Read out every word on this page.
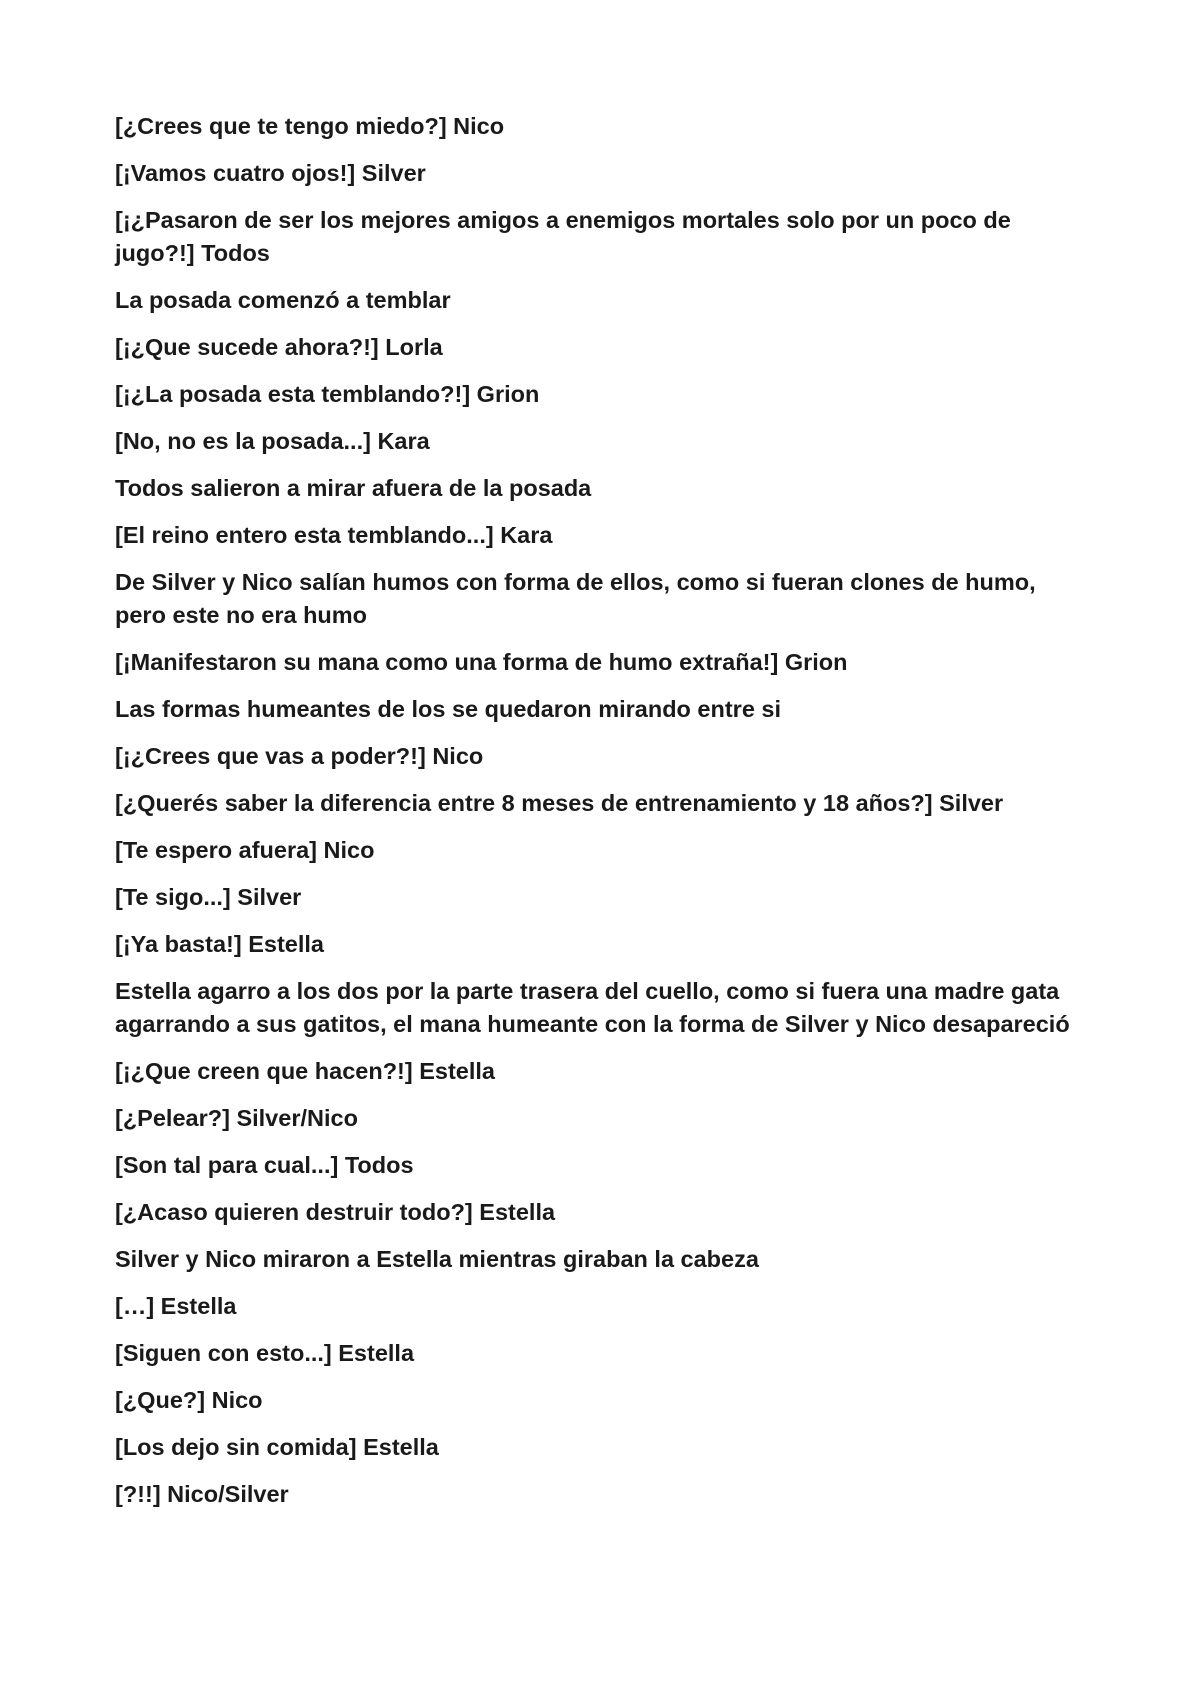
[¿Crees que te tengo miedo?] Nico

[¡Vamos cuatro ojos!] Silver

[¡¿Pasaron de ser los mejores amigos a enemigos mortales solo por un poco de jugo?!] Todos

La posada comenzó a temblar

[¡¿Que sucede ahora?!] Lorla

[¡¿La posada esta temblando?!] Grion

[No, no es la posada...] Kara

Todos salieron a mirar afuera de la posada

[El reino entero esta temblando...] Kara

De Silver y Nico salían humos con forma de ellos, como si fueran clones de humo, pero este no era humo

[¡Manifestaron su mana como una forma de humo extraña!] Grion

Las formas humeantes de los se quedaron mirando entre si

[¡¿Crees que vas a poder?!] Nico

[¿Querés saber la diferencia entre 8 meses de entrenamiento y 18 años?] Silver

[Te espero afuera] Nico

[Te sigo...] Silver

[¡Ya basta!] Estella

Estella agarro a los dos por la parte trasera del cuello, como si fuera una madre gata agarrando a sus gatitos, el mana humeante con la forma de Silver y Nico desapareció

[¡¿Que creen que hacen?!] Estella

[¿Pelear?] Silver/Nico

[Son tal para cual...] Todos

[¿Acaso quieren destruir todo?] Estella

Silver y Nico miraron a Estella mientras giraban la cabeza

[…] Estella

[Siguen con esto...] Estella

[¿Que?] Nico

[Los dejo sin comida] Estella

[?!!] Nico/Silver
